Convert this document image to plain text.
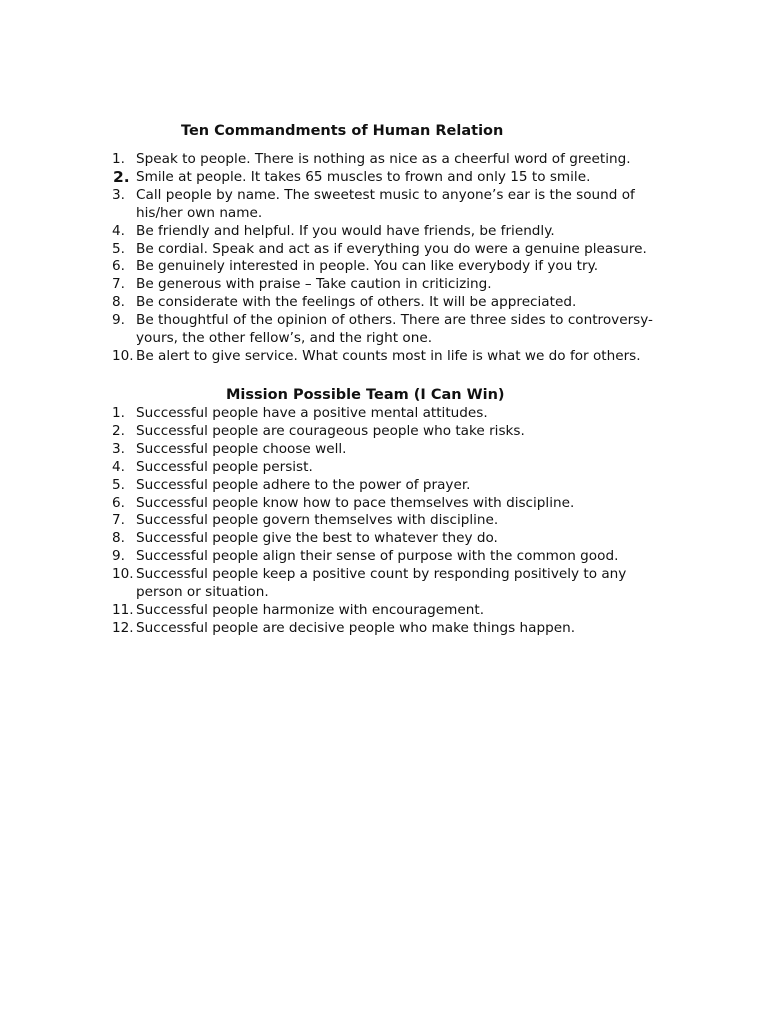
Ten Commandments of Human Relation
1. Speak to people. There is nothing as nice as a cheerful word of greeting.
2. Smile at people. It takes 65 muscles to frown and only 15 to smile.
3. Call people by name. The sweetest music to anyone’s ear is the sound of
his/her own name.
4. Be friendly and helpful. If you would have friends, be friendly.
5. Be cordial. Speak and act as if everything you do were a genuine pleasure.
6. Be genuinely interested in people. You can like everybody if you try.
7. Be generous with praise – Take caution in criticizing.
8. Be considerate with the feelings of others. It will be appreciated.
9. Be thoughtful of the opinion of others. There are three sides to controversy-
yours, the other fellow’s, and the right one.
10. Be alert to give service. What counts most in life is what we do for others.
Mission Possible Team (I Can Win)
1. Successful people have a positive mental attitudes.
2. Successful people are courageous people who take risks.
3. Successful people choose well.
4. Successful people persist.
5. Successful people adhere to the power of prayer.
6. Successful people know how to pace themselves with discipline.
7. Successful people govern themselves with discipline.
8. Successful people give the best to whatever they do.
9. Successful people align their sense of purpose with the common good.
10. Successful people keep a positive count by responding positively to any
person or situation.
11. Successful people harmonize with encouragement.
12. Successful people are decisive people who make things happen.
